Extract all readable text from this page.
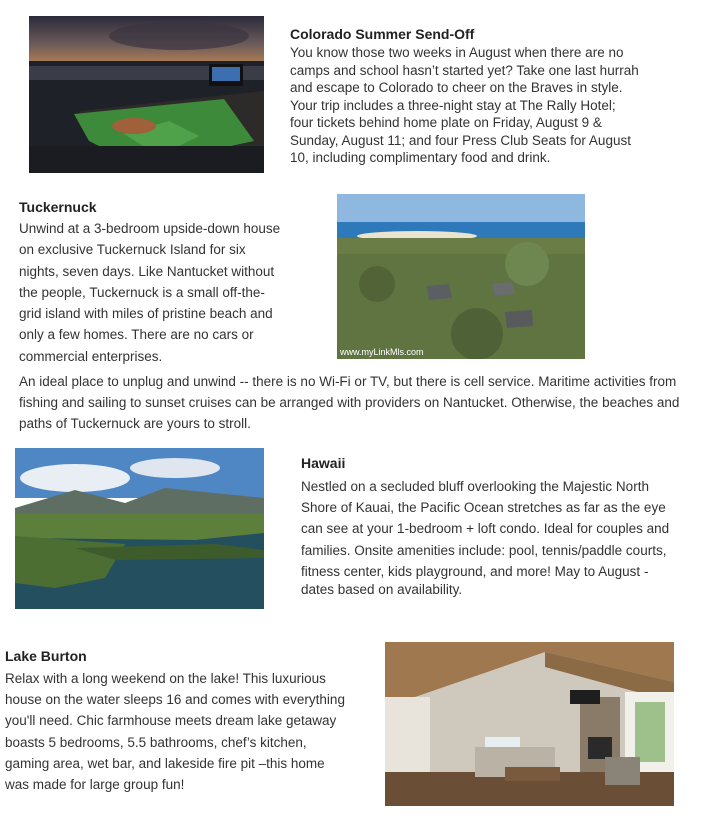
Colorado Summer Send-Off
You know those two weeks in August when there are no
camps and school hasn’t started yet? Take one last hurrah
and escape to Colorado to cheer on the Braves in style.
Your trip includes a three-night stay at The Rally Hotel;
four tickets behind home plate on Friday, August 9 &
Sunday, August 11; and four Press Club Seats for August
10, including complimentary food and drink.
Tuckernuck
Unwind at a 3-bedroom upside-down house
on exclusive Tuckernuck Island for six
nights, seven days. Like Nantucket without
the people, Tuckernuck is a small off-the-
grid island with miles of pristine beach and
only a few homes. There are no cars or
commercial enterprises.	www.myLinkMls.com
An ideal place to unplug and unwind -- there is no Wi-Fi or TV, but there is cell service. Maritime activities from
fishing and sailing to sunset cruises can be arranged with providers on Nantucket. Otherwise, the beaches and
paths of Tuckernuck are yours to stroll.
Hawaii
Nestled on a secluded bluff overlooking the Majestic North
Shore of Kauai, the Pacific Ocean stretches as far as the eye
can see at your 1-bedroom + loft condo. Ideal for couples and
families. Onsite amenities include: pool, tennis/paddle courts,
fitness center, kids playground, and more! May to August -
dates based on availability.
Lake Burton
Relax with a long weekend on the lake! This luxurious
house on the water sleeps 16 and comes with everything
you'll need. Chic farmhouse meets dream lake getaway
boasts 5 bedrooms, 5.5 bathrooms, chef’s kitchen,
gaming area, wet bar, and lakeside fire pit –this home
was made for large group fun!
